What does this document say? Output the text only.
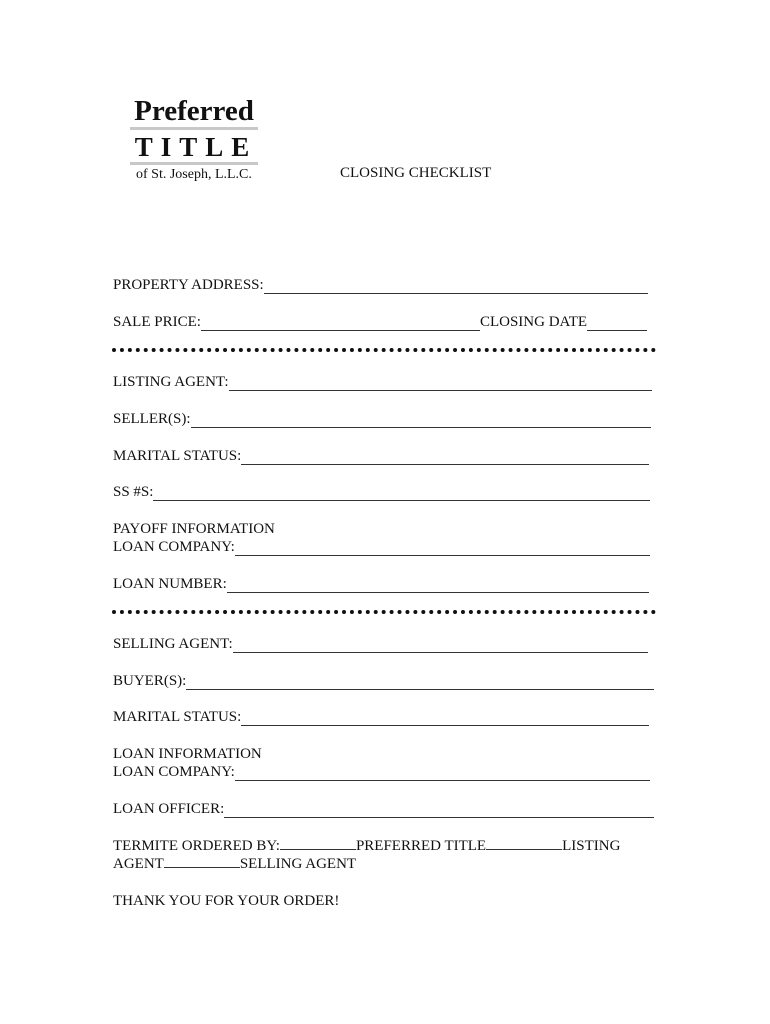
Preferred
TITLE
of St. Joseph, L.L.C.	CLOSING CHECKLIST
PROPERTY ADDRESS:
SALE PRICE:	CLOSING DATE
LISTING AGENT:
SELLER(S):
MARITAL STATUS:
SS #S:
PAYOFF INFORMATION
LOAN COMPANY:
LOAN NUMBER:
SELLING AGENT:
BUYER(S):
MARITAL STATUS:
LOAN INFORMATION
LOAN COMPANY:
LOAN OFFICER:
TERMITE ORDERED BY:	PREFERRED TITLE	LISTING AGENT	SELLING AGENT
THANK YOU FOR YOUR ORDER!
